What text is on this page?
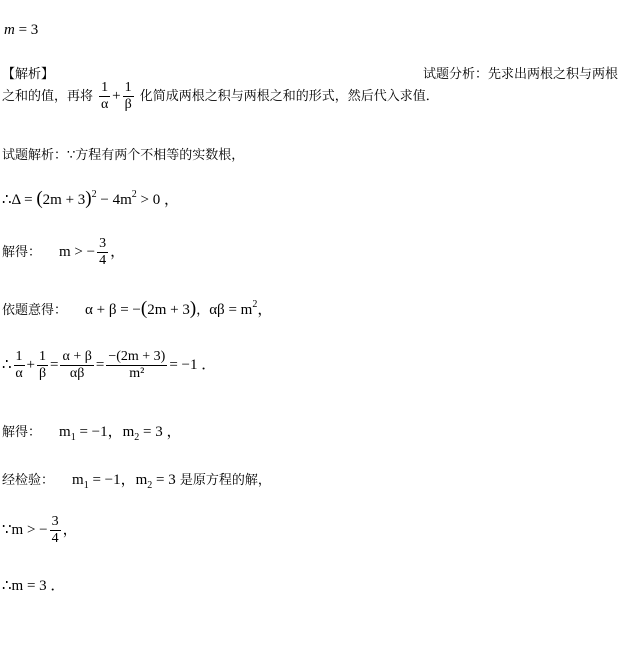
m = 3
【解析】	试题分析：先求出两根之积与两根
之和的值，再将 $\frac{1}{\alpha} + \frac{1}{\beta}$ 化简成两根之积与两根之和的形式，然后代入求值．
试题解析：∵方程有两个不相等的实数根，
∴Δ = $(2m + 3)^2 - 4m^2 > 0$ ，
解得： m > − $\frac{3}{4}$ ，
依题意得： α + β = −(2m + 3)，$\alpha\beta = m^2$，
∴ $\frac{1}{\alpha} + \frac{1}{\beta} = \frac{\alpha + \beta}{\alpha\beta} = \frac{-(2m + 3)}{\text{m²}} = -1$ ．
解得： $m_1 = -1$，$m_2 = 3$ ，
经检验： $m_1 = -1$，$m_2 = 3$ 是原方程的解，
∵m > − $\frac{3}{4}$ ，
∴m = 3 ．
